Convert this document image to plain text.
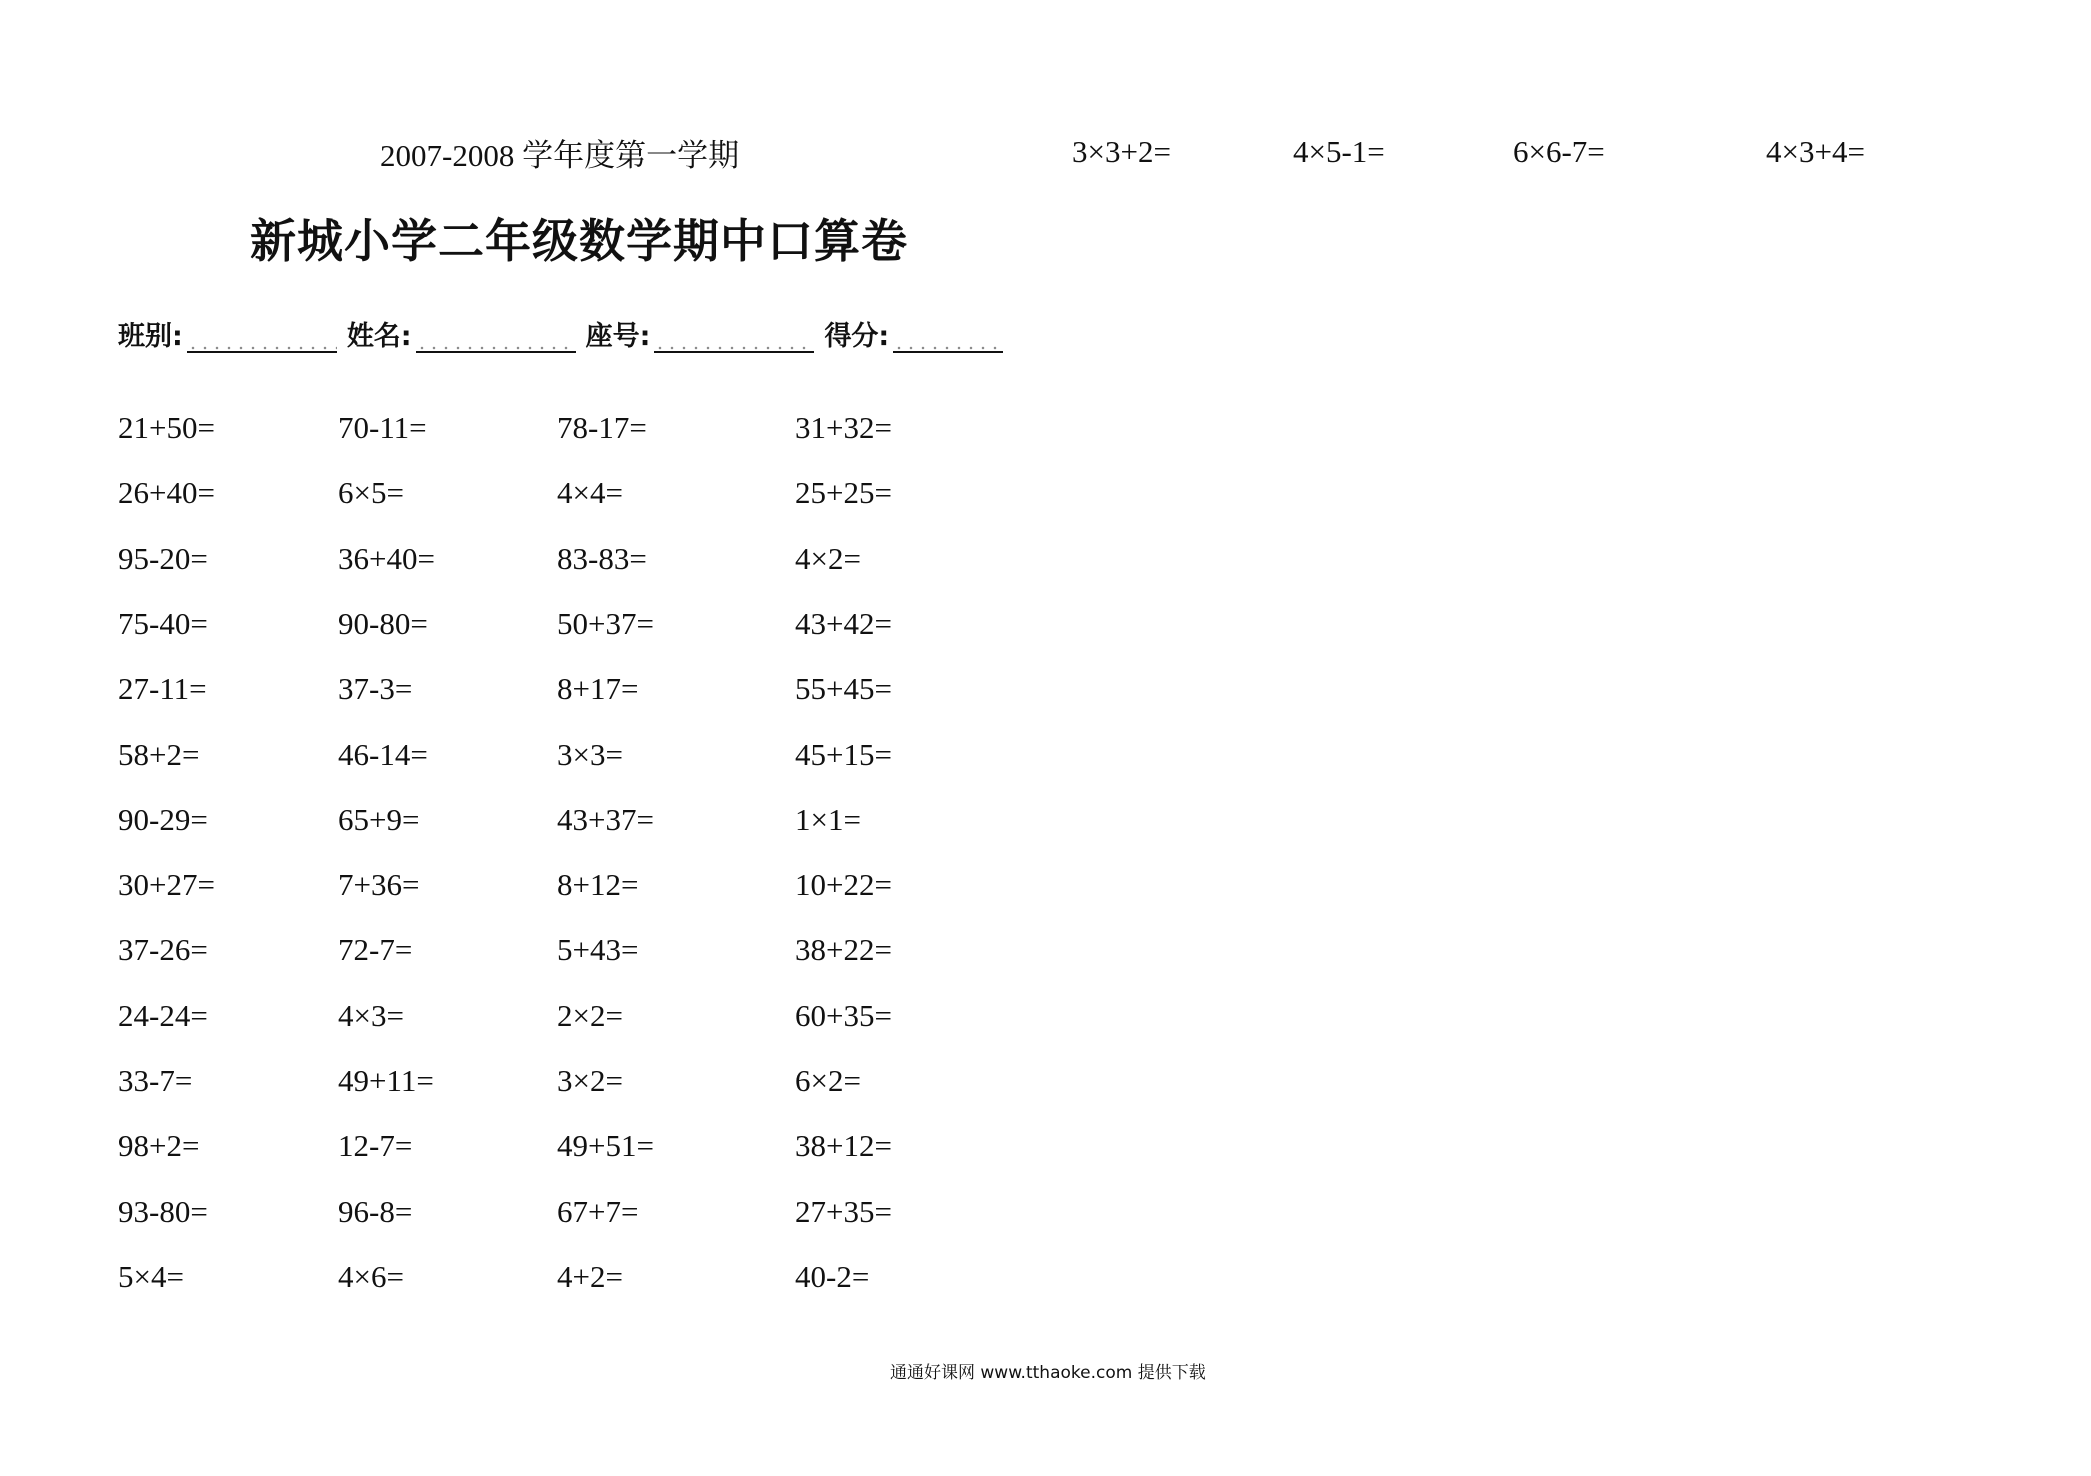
2007-2008 学年度第一学期
新城小学二年级数学期中口算卷
3×3+2=	4×5-1=	6×6-7=	4×3+4=
班别:	姓名:	座号:	得分:
21+50=	70-11=	78-17=	31+32=
26+40=	6×5=	4×4=	25+25=
95-20=	36+40=	83-83=	4×2=
75-40=	90-80=	50+37=	43+42=
27-11=	37-3=	8+17=	55+45=
58+2=	46-14=	3×3=	45+15=
90-29=	65+9=	43+37=	1×1=
30+27=	7+36=	8+12=	10+22=
37-26=	72-7=	5+43=	38+22=
24-24=	4×3=	2×2=	60+35=
33-7=	49+11=	3×2=	6×2=
98+2=	12-7=	49+51=	38+12=
93-80=	96-8=	67+7=	27+35=
5×4=	4×6=	4+2=	40-2=
通通好课网 www.tthaoke.com 提供下载
